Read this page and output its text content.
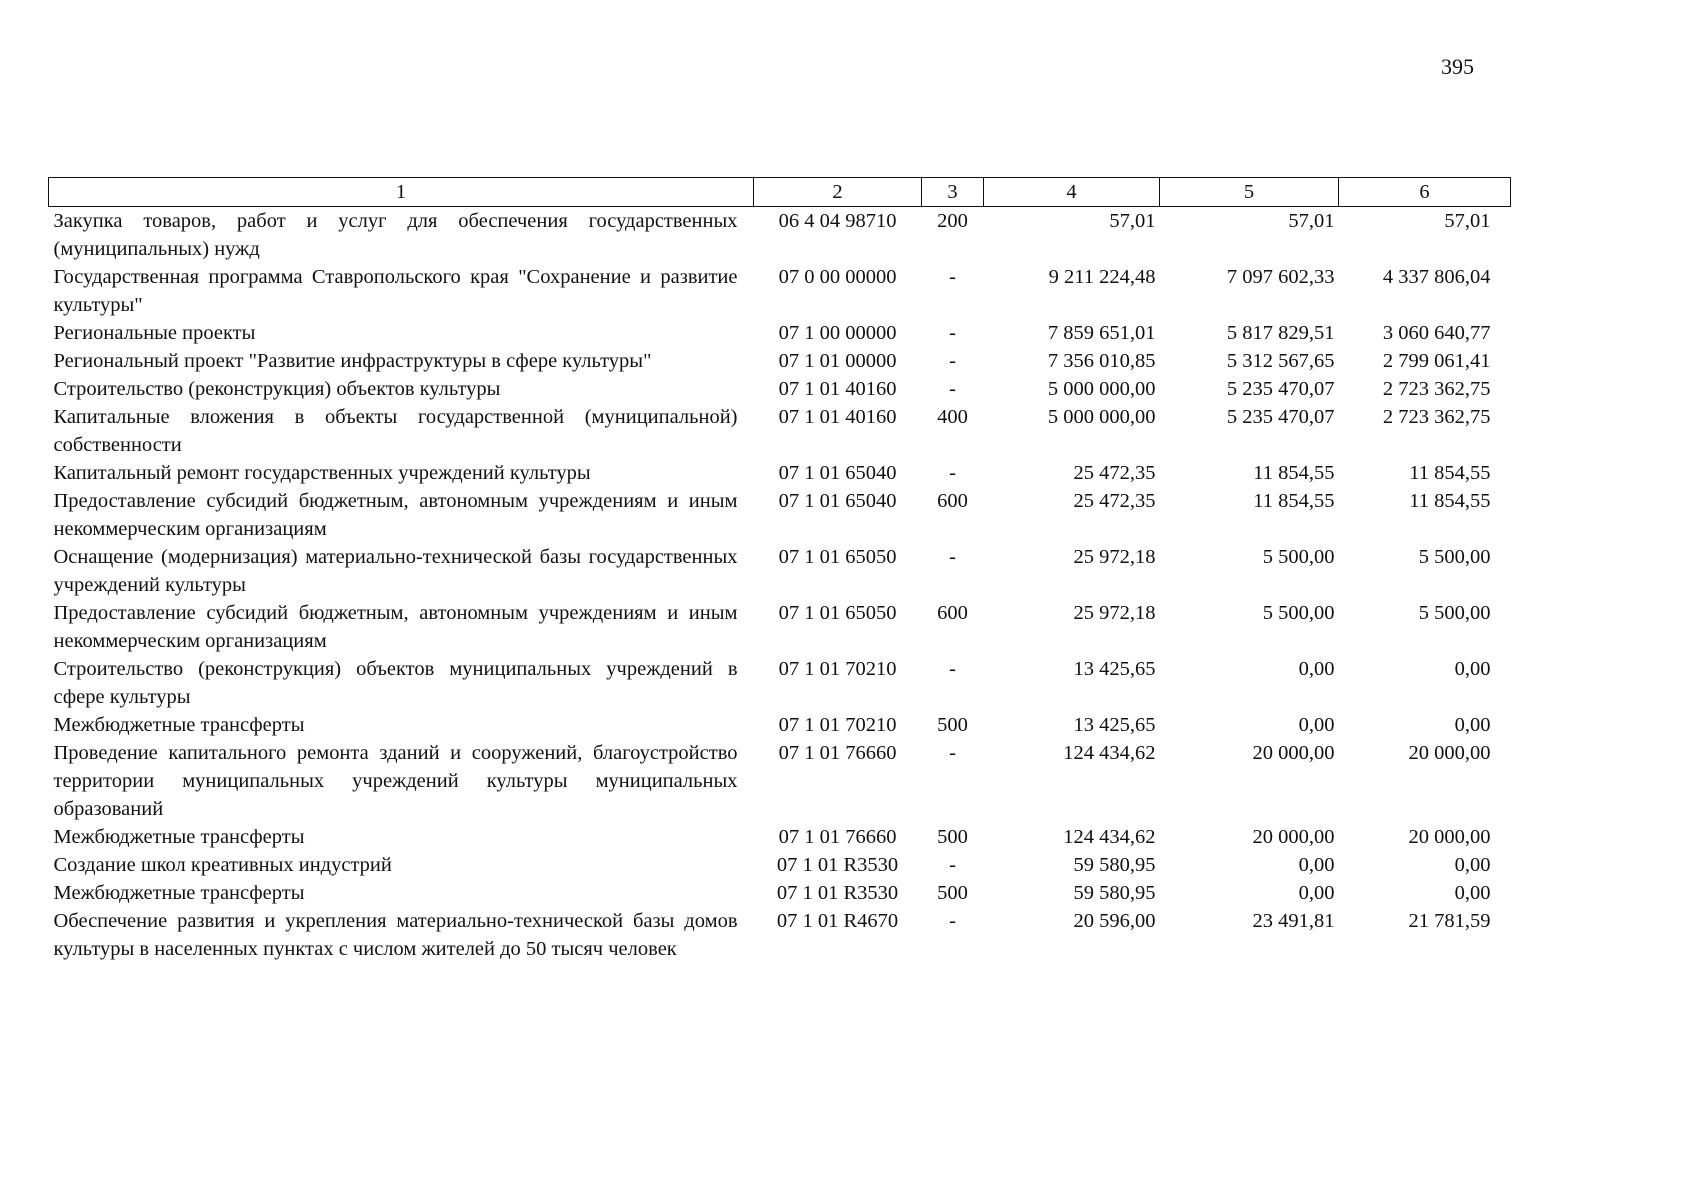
395
1	2	3	4	5	6
Закупка товаров, работ и услуг для обеспечения государственных (муниципальных) нужд	06 4 04 98710	200	57,01	57,01	57,01
Государственная программа Ставропольского края "Сохранение и развитие культуры"	07 0 00 00000	-	9 211 224,48	7 097 602,33	4 337 806,04
Региональные проекты	07 1 00 00000	-	7 859 651,01	5 817 829,51	3 060 640,77
Региональный проект "Развитие инфраструктуры в сфере культуры"	07 1 01 00000	-	7 356 010,85	5 312 567,65	2 799 061,41
Строительство (реконструкция) объектов культуры	07 1 01 40160	-	5 000 000,00	5 235 470,07	2 723 362,75
Капитальные вложения в объекты государственной (муниципальной) собственности	07 1 01 40160	400	5 000 000,00	5 235 470,07	2 723 362,75
Капитальный ремонт государственных учреждений культуры	07 1 01 65040	-	25 472,35	11 854,55	11 854,55
Предоставление субсидий бюджетным, автономным учреждениям и иным некоммерческим организациям	07 1 01 65040	600	25 472,35	11 854,55	11 854,55
Оснащение (модернизация) материально-технической базы государственных учреждений культуры	07 1 01 65050	-	25 972,18	5 500,00	5 500,00
Предоставление субсидий бюджетным, автономным учреждениям и иным некоммерческим организациям	07 1 01 65050	600	25 972,18	5 500,00	5 500,00
Строительство (реконструкция) объектов муниципальных учреждений в сфере культуры	07 1 01 70210	-	13 425,65	0,00	0,00
Межбюджетные трансферты	07 1 01 70210	500	13 425,65	0,00	0,00
Проведение капитального ремонта зданий и сооружений, благоустройство территории муниципальных учреждений культуры муниципальных образований	07 1 01 76660	-	124 434,62	20 000,00	20 000,00
Межбюджетные трансферты	07 1 01 76660	500	124 434,62	20 000,00	20 000,00
Создание школ креативных индустрий	07 1 01 R3530	-	59 580,95	0,00	0,00
Межбюджетные трансферты	07 1 01 R3530	500	59 580,95	0,00	0,00
Обеспечение развития и укрепления материально-технической базы домов культуры в населенных пунктах с числом жителей до 50 тысяч человек	07 1 01 R4670	-	20 596,00	23 491,81	21 781,59
